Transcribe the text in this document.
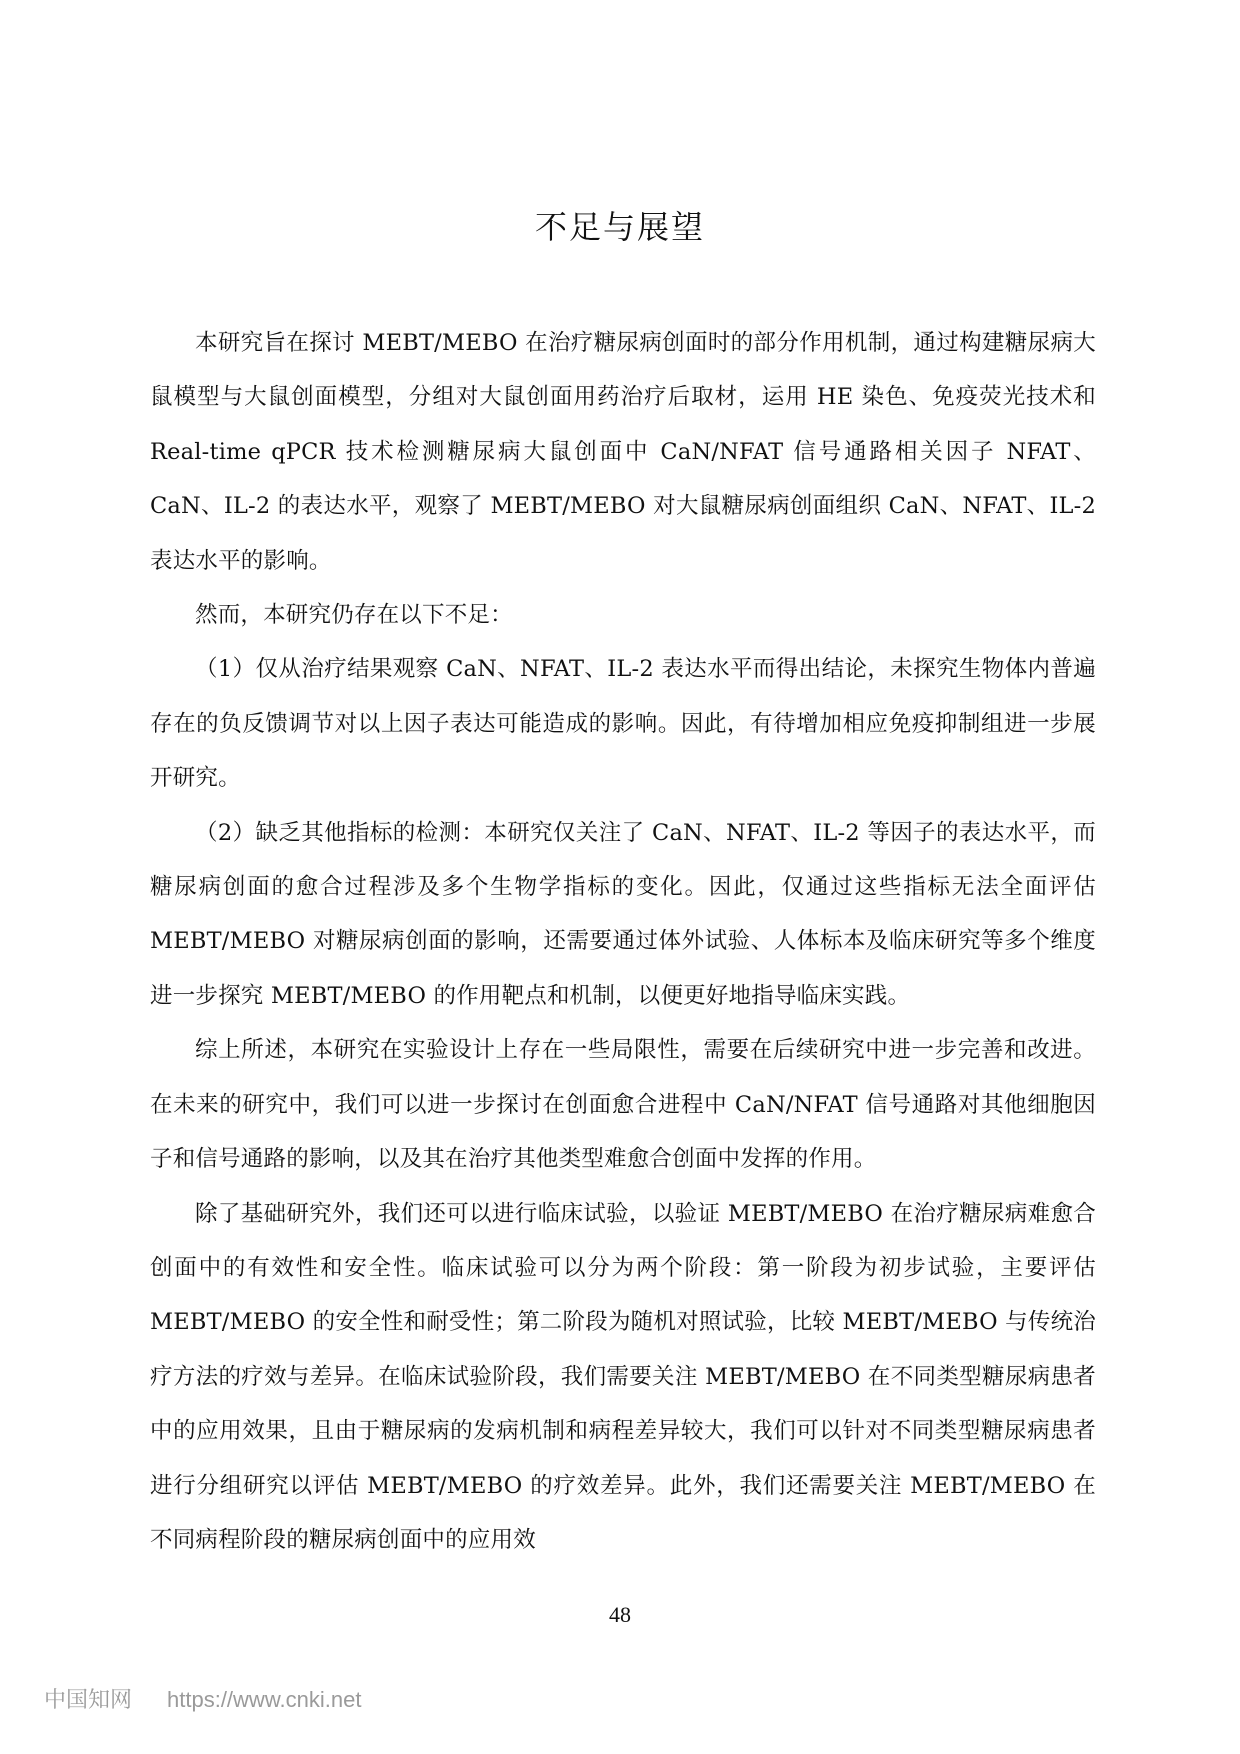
不足与展望

本研究旨在探讨 MEBT/MEBO 在治疗糖尿病创面时的部分作用机制，通过构建糖尿病大鼠模型与大鼠创面模型，分组对大鼠创面用药治疗后取材，运用 HE 染色、免疫荧光技术和 Real-time qPCR 技术检测糖尿病大鼠创面中 CaN/NFAT 信号通路相关因子 NFAT、CaN、IL-2 的表达水平，观察了 MEBT/MEBO 对大鼠糖尿病创面组织 CaN、NFAT、IL-2 表达水平的影响。

然而，本研究仍存在以下不足：

（1）仅从治疗结果观察 CaN、NFAT、IL-2 表达水平而得出结论，未探究生物体内普遍存在的负反馈调节对以上因子表达可能造成的影响。因此，有待增加相应免疫抑制组进一步展开研究。

（2）缺乏其他指标的检测：本研究仅关注了 CaN、NFAT、IL-2 等因子的表达水平，而糖尿病创面的愈合过程涉及多个生物学指标的变化。因此，仅通过这些指标无法全面评估 MEBT/MEBO 对糖尿病创面的影响，还需要通过体外试验、人体标本及临床研究等多个维度进一步探究 MEBT/MEBO 的作用靶点和机制，以便更好地指导临床实践。

综上所述，本研究在实验设计上存在一些局限性，需要在后续研究中进一步完善和改进。在未来的研究中，我们可以进一步探讨在创面愈合进程中 CaN/NFAT 信号通路对其他细胞因子和信号通路的影响，以及其在治疗其他类型难愈合创面中发挥的作用。

除了基础研究外，我们还可以进行临床试验，以验证 MEBT/MEBO 在治疗糖尿病难愈合创面中的有效性和安全性。临床试验可以分为两个阶段：第一阶段为初步试验，主要评估 MEBT/MEBO 的安全性和耐受性；第二阶段为随机对照试验，比较 MEBT/MEBO 与传统治疗方法的疗效与差异。在临床试验阶段，我们需要关注 MEBT/MEBO 在不同类型糖尿病患者中的应用效果，且由于糖尿病的发病机制和病程差异较大，我们可以针对不同类型糖尿病患者进行分组研究以评估 MEBT/MEBO 的疗效差异。此外，我们还需要关注 MEBT/MEBO 在不同病程阶段的糖尿病创面中的应用效

48
中国知网 https://www.cnki.net
